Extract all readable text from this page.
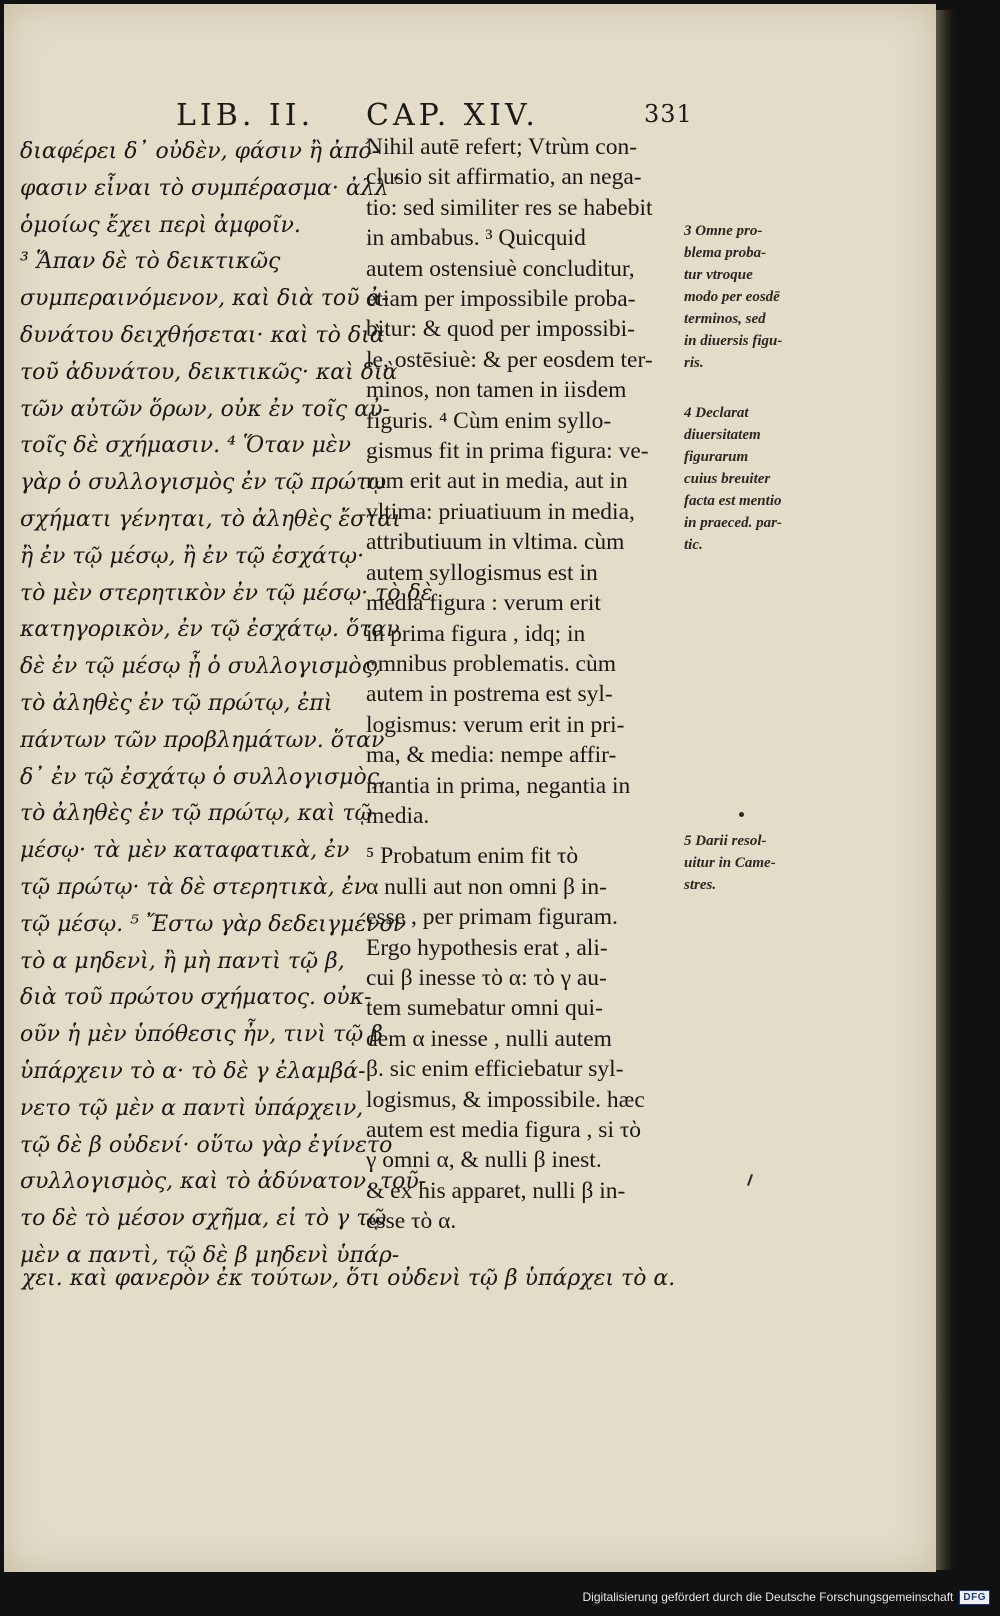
LIB. II. CAP. XIV.	331
διαφέρει δ᾽ οὐδὲν, φάσιν ἢ ἀπό-
φασιν εἶναι τὸ συμπέρασμα· ἀλλ᾽
ὁμοίως ἔχει περὶ ἀμφοῖν.
³ Ἅπαν δὲ τὸ δεικτικῶς
συμπεραινόμενον, καὶ διὰ τοῦ ἀ-
δυνάτου δειχθήσεται· καὶ τὸ διὰ
τοῦ ἀδυνάτου, δεικτικῶς· καὶ διὰ
τῶν αὐτῶν ὅρων, οὐκ ἐν τοῖς αὐ-
τοῖς δὲ σχήμασιν. ⁴ Ὅταν μὲν
γὰρ ὁ συλλογισμὸς ἐν τῷ πρώτῳ
σχήματι γένηται, τὸ ἀληθὲς ἔσται
ἢ ἐν τῷ μέσῳ, ἢ ἐν τῷ ἐσχάτῳ·
τὸ μὲν στερητικὸν ἐν τῷ μέσῳ· τὸ δὲ
κατηγορικὸν, ἐν τῷ ἐσχάτῳ. ὅταν
δὲ ἐν τῷ μέσῳ ᾖ ὁ συλλογισμὸς,
τὸ ἀληθὲς ἐν τῷ πρώτῳ, ἐπὶ
πάντων τῶν προβλημάτων. ὅταν
δ᾽ ἐν τῷ ἐσχάτῳ ὁ συλλογισμὸς,
τὸ ἀληθὲς ἐν τῷ πρώτῳ, καὶ τῷ
μέσῳ· τὰ μὲν καταφατικὰ, ἐν
τῷ πρώτῳ· τὰ δὲ στερητικὰ, ἐν
τῷ μέσῳ. ⁵ Ἔστω γὰρ δεδειγμένον
τὸ α μηδενὶ, ἢ μὴ παντὶ τῷ β,
διὰ τοῦ πρώτου σχήματος. οὐκ-
οῦν ἡ μὲν ὑπόθεσις ἦν, τινὶ τῷ β
ὑπάρχειν τὸ α· τὸ δὲ γ ἐλαμβά-
νετο τῷ μὲν α παντὶ ὑπάρχειν,
τῷ δὲ β οὐδενί· οὕτω γὰρ ἐγίνετο
συλλογισμὸς, καὶ τὸ ἀδύνατον. τοῦ-
το δὲ τὸ μέσον σχῆμα, εἰ τὸ γ τῷ
μὲν α παντὶ, τῷ δὲ β μηδενὶ ὑπάρ-
Nihil autē refert; Vtrùm con-
clusio sit affirmatio, an nega-
tio: sed similiter res se habebit
in ambabus. ³ Quicquid
autem ostensiuè concluditur,
etiam per impossibile proba-
bitur: & quod per impossibi-
le, ostēsiuè: & per eosdem ter-
minos, non tamen in iisdem
figuris. ⁴ Cùm enim syllo-
gismus fit in prima figura: ve-
rum erit aut in media, aut in
vltima: priuatiuum in media,
attributiuum in vltima. cùm
autem syllogismus est in
media figura : verum erit
in prima figura , idq; in
omnibus problematis. cùm
autem in postrema est syl-
logismus: verum erit in pri-
ma, & media: nempe affir-
mantia in prima, negantia in
media.
⁵ Probatum enim fit τὸ
α nulli aut non omni β in-
esse , per primam figuram.
Ergo hypothesis erat , ali-
cui β inesse τὸ α: τὸ γ au-
tem sumebatur omni qui-
dem α inesse , nulli autem
β. sic enim efficiebatur syl-
logismus, & impossibile. hæc
autem est media figura , si τὸ
γ omni α, & nulli β inest.
& ex his apparet, nulli β in-
esse τὸ α.
3 Omne pro-
blema proba-
tur vtroque
modo per eosdē
terminos, sed
in diuersis figu-
ris.
4 Declarat
diuersitatem
figurarum
cuius breuiter
facta est mentio
in praeced. par-
tic.
5 Darii resol-
uitur in Came-
stres.
χει. καὶ φανερὸν ἐκ τούτων, ὅτι οὐδενὶ τῷ β ὑπάρχει τὸ α.
Digitalisierung gefördert durch die Deutsche Forschungsgemeinschaft	DFG
